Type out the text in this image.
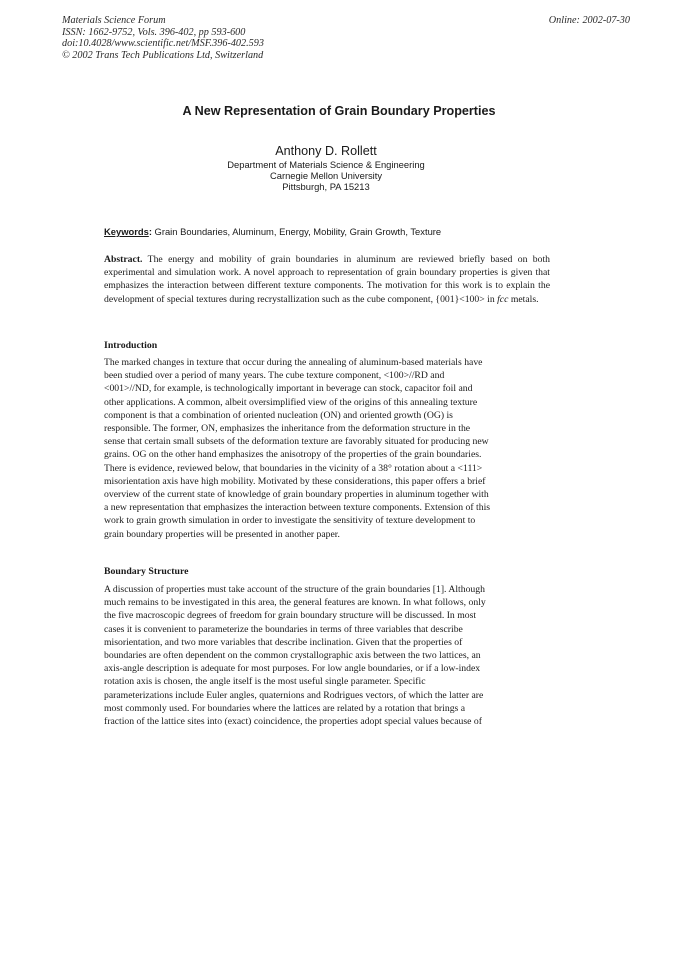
Materials Science Forum
ISSN: 1662-9752, Vols. 396-402, pp 593-600
doi:10.4028/www.scientific.net/MSF.396-402.593
© 2002 Trans Tech Publications Ltd, Switzerland
Online: 2002-07-30
A New Representation of Grain Boundary Properties
Anthony D. Rollett
Department of Materials Science & Engineering
Carnegie Mellon University
Pittsburgh, PA 15213
Keywords: Grain Boundaries, Aluminum, Energy, Mobility, Grain Growth, Texture
Abstract. The energy and mobility of grain boundaries in aluminum are reviewed briefly based on both experimental and simulation work. A novel approach to representation of grain boundary properties is given that emphasizes the interaction between different texture components. The motivation for this work is to explain the development of special textures during recrystallization such as the cube component, {001}<100> in fcc metals.
Introduction
The marked changes in texture that occur during the annealing of aluminum-based materials have
been studied over a period of many years. The cube texture component, <100>//RD and
<001>//ND, for example, is technologically important in beverage can stock, capacitor foil and
other applications. A common, albeit oversimplified view of the origins of this annealing texture
component is that a combination of oriented nucleation (ON) and oriented growth (OG) is
responsible. The former, ON, emphasizes the inheritance from the deformation structure in the
sense that certain small subsets of the deformation texture are favorably situated for producing new
grains. OG on the other hand emphasizes the anisotropy of the properties of the grain boundaries.
There is evidence, reviewed below, that boundaries in the vicinity of a 38° rotation about a <111>
misorientation axis have high mobility. Motivated by these considerations, this paper offers a brief
overview of the current state of knowledge of grain boundary properties in aluminum together with
a new representation that emphasizes the interaction between texture components. Extension of this
work to grain growth simulation in order to investigate the sensitivity of texture development to
grain boundary properties will be presented in another paper.
Boundary Structure
A discussion of properties must take account of the structure of the grain boundaries [1]. Although
much remains to be investigated in this area, the general features are known. In what follows, only
the five macroscopic degrees of freedom for grain boundary structure will be discussed. In most
cases it is convenient to parameterize the boundaries in terms of three variables that describe
misorientation, and two more variables that describe inclination. Given that the properties of
boundaries are often dependent on the common crystallographic axis between the two lattices, an
axis-angle description is adequate for most purposes. For low angle boundaries, or if a low-index
rotation axis is chosen, the angle itself is the most useful single parameter. Specific
parameterizations include Euler angles, quaternions and Rodrigues vectors, of which the latter are
most commonly used. For boundaries where the lattices are related by a rotation that brings a
fraction of the lattice sites into (exact) coincidence, the properties adopt special values because of
